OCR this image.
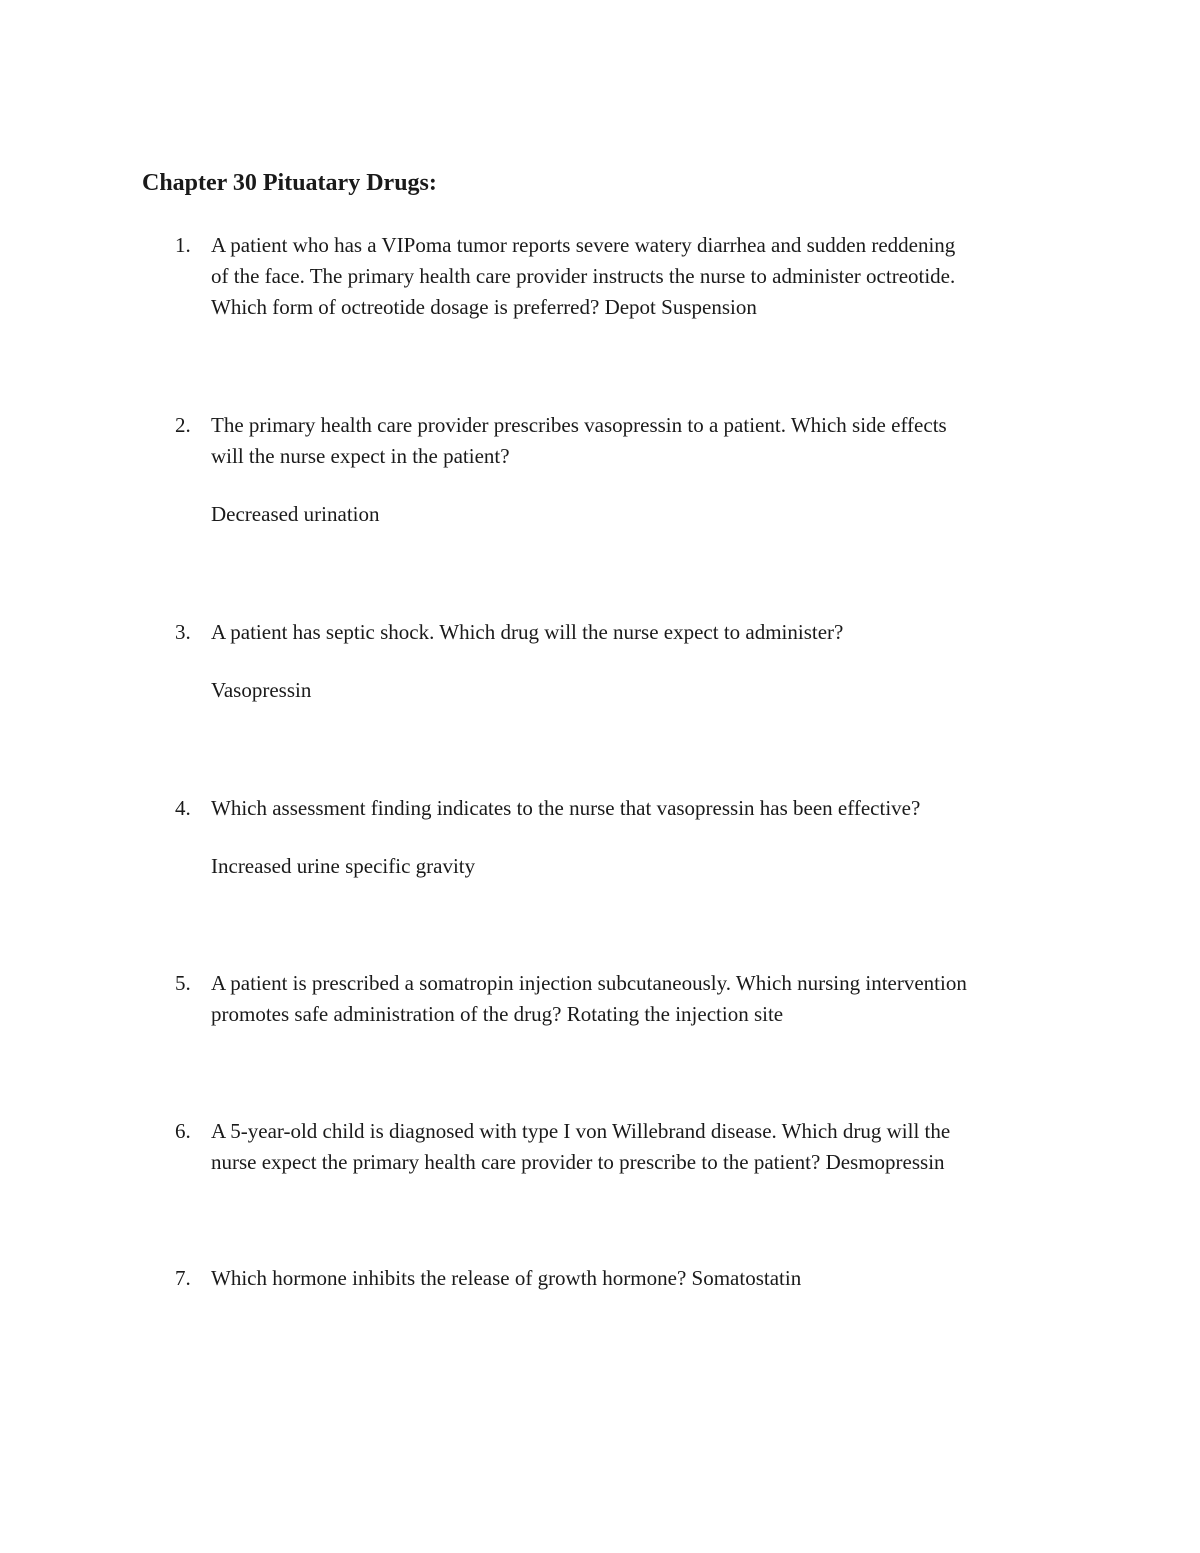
Chapter 30 Pituatary Drugs:
1. A patient who has a VIPoma tumor reports severe watery diarrhea and sudden reddening
of the face. The primary health care provider instructs the nurse to administer octreotide.
Which form of octreotide dosage is preferred? Depot Suspension
2. The primary health care provider prescribes vasopressin to a patient. Which side effects
will the nurse expect in the patient?
Decreased urination
3. A patient has septic shock. Which drug will the nurse expect to administer?
Vasopressin
4. Which assessment finding indicates to the nurse that vasopressin has been effective?
Increased urine specific gravity
5. A patient is prescribed a somatropin injection subcutaneously. Which nursing intervention
promotes safe administration of the drug? Rotating the injection site
6. A 5-year-old child is diagnosed with type I von Willebrand disease. Which drug will the
nurse expect the primary health care provider to prescribe to the patient? Desmopressin
7. Which hormone inhibits the release of growth hormone? Somatostatin
